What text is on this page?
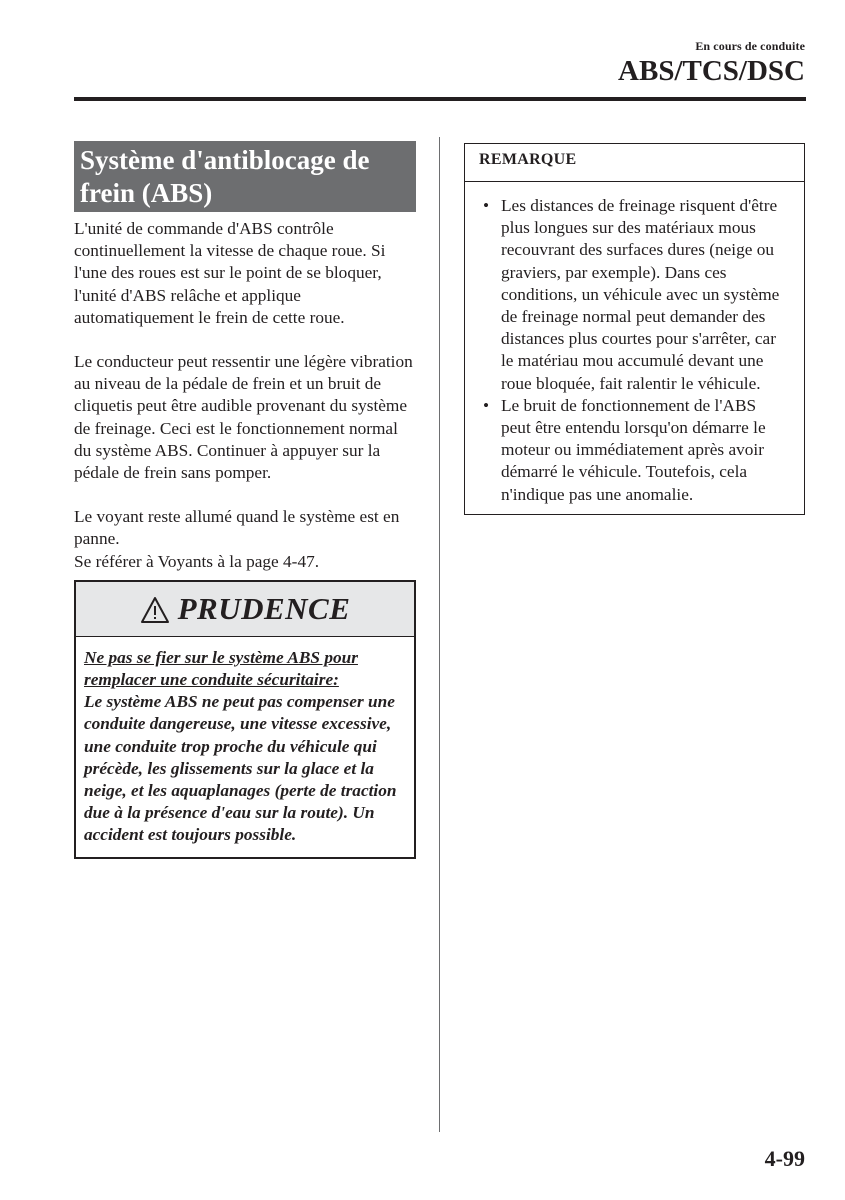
En cours de conduite
ABS/TCS/DSC
Système d'antiblocage de frein (ABS)

L'unité de commande d'ABS contrôle continuellement la vitesse de chaque roue. Si l'une des roues est sur le point de se bloquer, l'unité d'ABS relâche et applique automatiquement le frein de cette roue.

Le conducteur peut ressentir une légère vibration au niveau de la pédale de frein et un bruit de cliquetis peut être audible provenant du système de freinage. Ceci est le fonctionnement normal du système ABS. Continuer à appuyer sur la pédale de frein sans pomper.

Le voyant reste allumé quand le système est en panne.

Se référer à Voyants à la page 4-47.

PRUDENCE
Ne pas se fier sur le système ABS pour remplacer une conduite sécuritaire:
Le système ABS ne peut pas compenser une conduite dangereuse, une vitesse excessive, une conduite trop proche du véhicule qui précède, les glissements sur la glace et la neige, et les aquaplanages (perte de traction due à la présence d'eau sur la route). Un accident est toujours possible.
REMARQUE
• Les distances de freinage risquent d'être plus longues sur des matériaux mous recouvrant des surfaces dures (neige ou graviers, par exemple). Dans ces conditions, un véhicule avec un système de freinage normal peut demander des distances plus courtes pour s'arrêter, car le matériau mou accumulé devant une roue bloquée, fait ralentir le véhicule.
• Le bruit de fonctionnement de l'ABS peut être entendu lorsqu'on démarre le moteur ou immédiatement après avoir démarré le véhicule. Toutefois, cela n'indique pas une anomalie.
4-99
